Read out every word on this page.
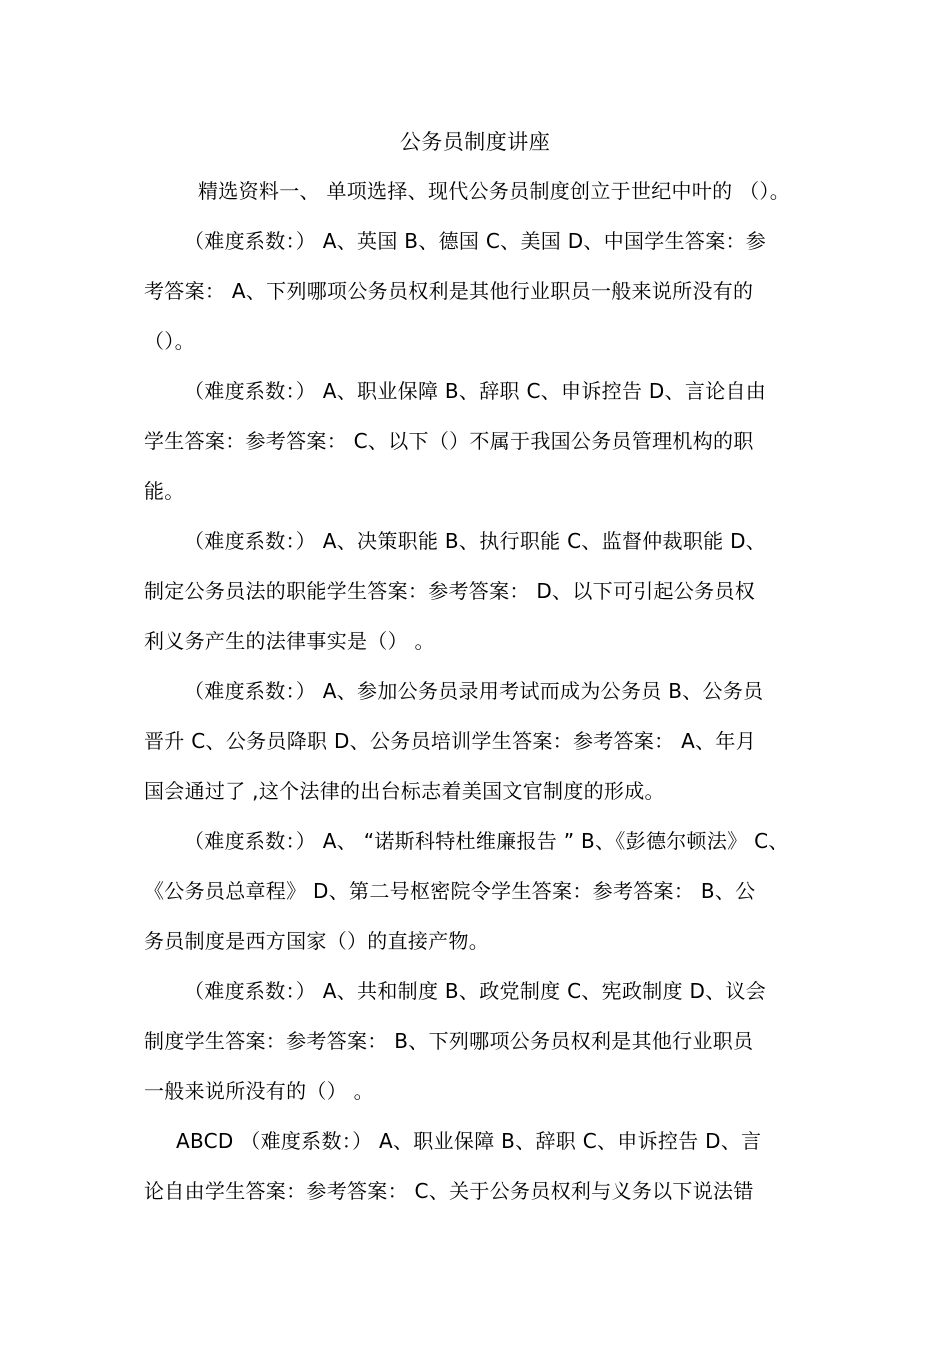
公务员制度讲座
精选资料一、 单项选择、现代公务员制度创立于世纪中叶的 （）。
（难度系数：） A、英国 B、德国 C、美国 D、中国学生答案：参
考答案： A、下列哪项公务员权利是其他行业职员一般来说所没有的
（）。
（难度系数：） A、职业保障 B、辞职 C、申诉控告 D、言论自由
学生答案：参考答案： C、以下（）不属于我国公务员管理机构的职
能。
（难度系数：） A、决策职能 B、执行职能 C、监督仲裁职能 D、
制定公务员法的职能学生答案：参考答案： D、以下可引起公务员权
利义务产生的法律事实是（） 。
（难度系数：） A、参加公务员录用考试而成为公务员 B、公务员
晋升 C、公务员降职 D、公务员培训学生答案：参考答案： A、年月
国会通过了 ,这个法律的出台标志着美国文官制度的形成。
（难度系数：） A、 “诺斯科特杜维廉报告 ” B、《彭德尔顿法》 C、
《公务员总章程》 D、第二号枢密院令学生答案：参考答案： B、公
务员制度是西方国家（）的直接产物。
（难度系数：） A、共和制度 B、政党制度 C、宪政制度 D、议会
制度学生答案：参考答案： B、下列哪项公务员权利是其他行业职员
一般来说所没有的（） 。
ABCD （难度系数：） A、职业保障 B、辞职 C、申诉控告 D、言
论自由学生答案：参考答案： C、关于公务员权利与义务以下说法错
